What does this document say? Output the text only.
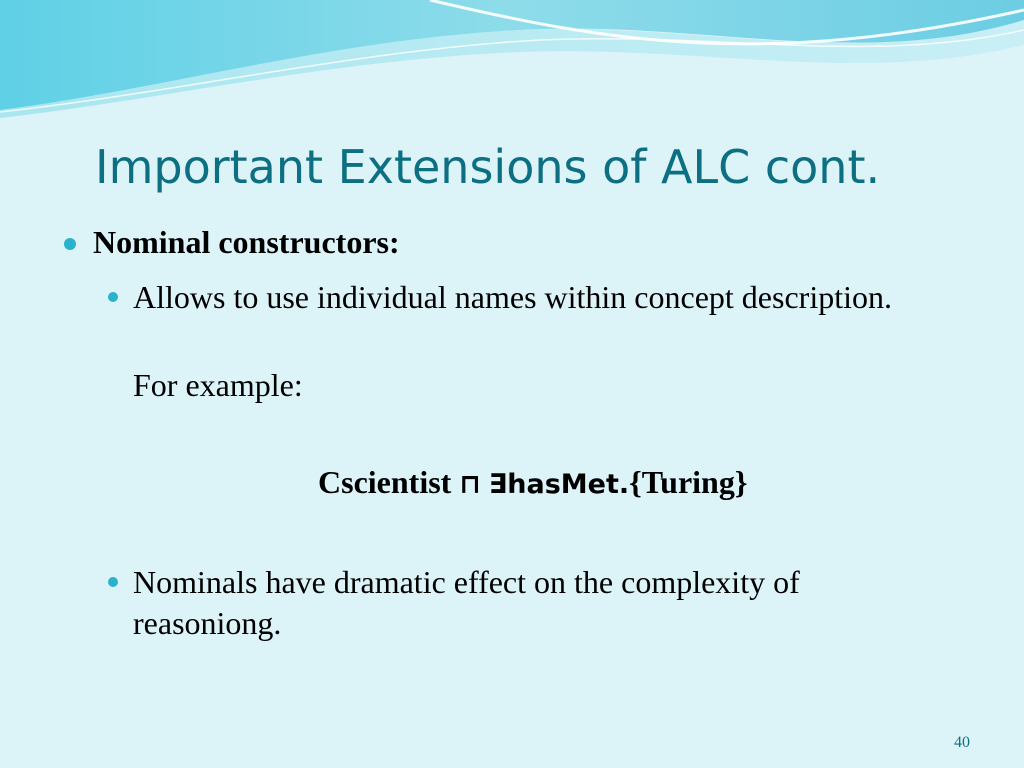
Important Extensions of ALC cont.
Nominal constructors:
Allows to use individual names within concept description.
For example:
Cscientist ⊓ ∃hasMet.{Turing}
Nominals have dramatic effect on the complexity of reasoniong.
40
